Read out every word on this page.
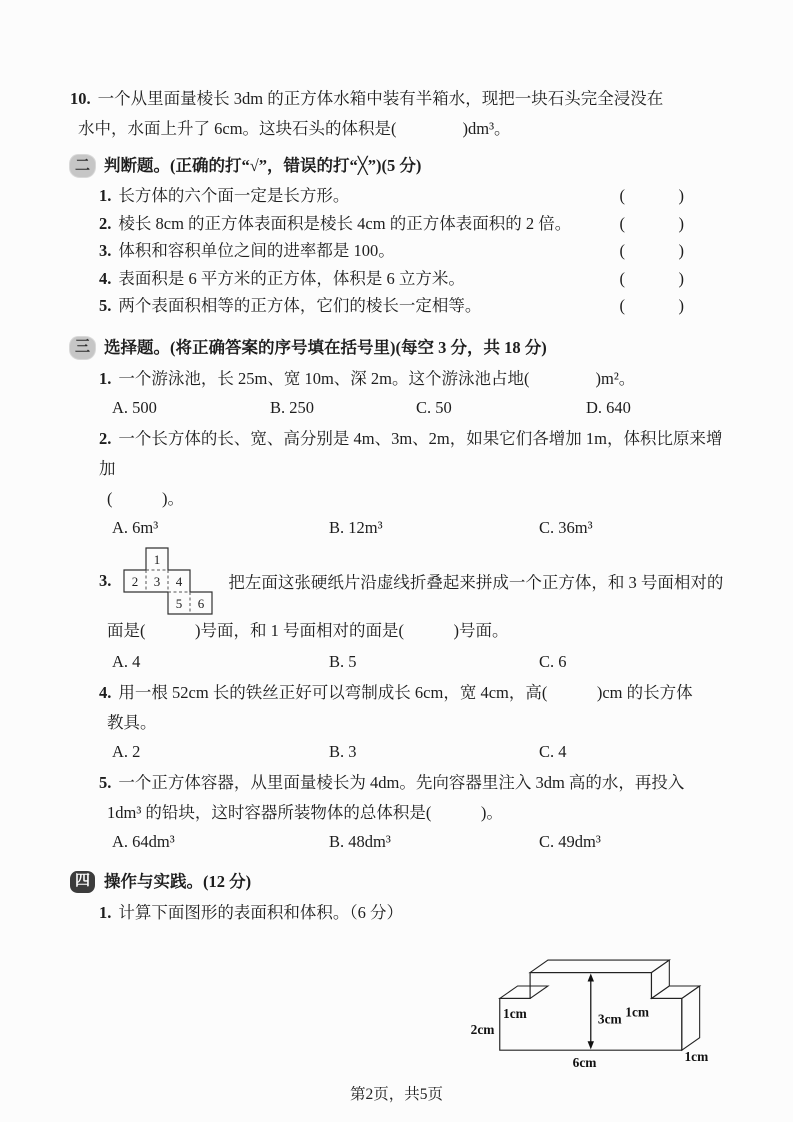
10. 一个从里面量棱长 3dm 的正方体水箱中装有半箱水，现把一块石头完全浸没在
水中，水面上升了 6cm。这块石头的体积是(　　　　)dm³。
二 判断题。(正确的打“√”，错误的打“╳”)(5 分)
1. 长方体的六个面一定是长方形。	(　　　)
2. 棱长 8cm 的正方体表面积是棱长 4cm 的正方体表面积的 2 倍。	(　　　)
3. 体积和容积单位之间的进率都是 100。	(　　　)
4. 表面积是 6 平方米的正方体，体积是 6 立方米。	(　　　)
5. 两个表面积相等的正方体，它们的棱长一定相等。	(　　　)
三 选择题。(将正确答案的序号填在括号里)(每空 3 分，共 18 分)
1. 一个游泳池，长 25m、宽 10m、深 2m。这个游泳池占地(　　　　)m²。
A. 500	B. 250	C. 50	D. 640
2. 一个长方体的长、宽、高分别是 4m、3m、2m，如果它们各增加 1m，体积比原来增加
(　　　)。
A. 6m³	B. 12m³	C. 36m³
3.
1
2 3 4
5 6
把左面这张硬纸片沿虚线折叠起来拼成一个正方体，和 3 号面相对的
面是(　　　)号面，和 1 号面相对的面是(　　　)号面。
A. 4	B. 5	C. 6
4. 用一根 52cm 长的铁丝正好可以弯制成长 6cm，宽 4cm，高(　　　)cm 的长方体
教具。
A. 2	B. 3	C. 4
5. 一个正方体容器，从里面量棱长为 4dm。先向容器里注入 3dm 高的水，再投入
1dm³ 的铅块，这时容器所装物体的总体积是(　　　)。
A. 64dm³	B. 48dm³	C. 49dm³
四 操作与实践。(12 分)
1. 计算下面图形的表面积和体积。（6 分）
2cm
1cm	3cm 1cm
6cm	1cm
第2页，共5页
